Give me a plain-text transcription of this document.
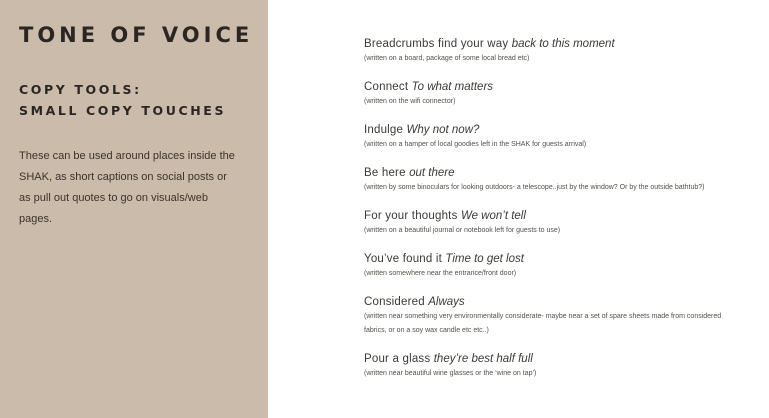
TONE OF VOICE
COPY TOOLS:
SMALL COPY TOUCHES
These can be used around places inside the SHAK, as short captions on social posts or as pull out quotes to go on visuals/web pages.
Breadcrumbs find your way back to this moment
(written on a board, package of some local bread etc)
Connect To what matters
(written on the wifi connector)
Indulge Why not now?
(written on a hamper of local goodies left in the SHAK for guests arrival)
Be here out there
(written by some binoculars for looking outdoors- a telescope..just by the window? Or by the outside bathtub?)
For your thoughts We won’t tell
(written on a beautiful journal or notebook left for guests to use)
You’ve found it Time to get lost
(written somewhere near the entrance/front door)
Considered Always
(written near something very environmentally considerate- maybe near a set of spare sheets made from considered fabrics, or on a soy wax candle etc etc..)
Pour a glass they’re best half full
(written near beautiful wine glasses or the ‘wine on tap’)
